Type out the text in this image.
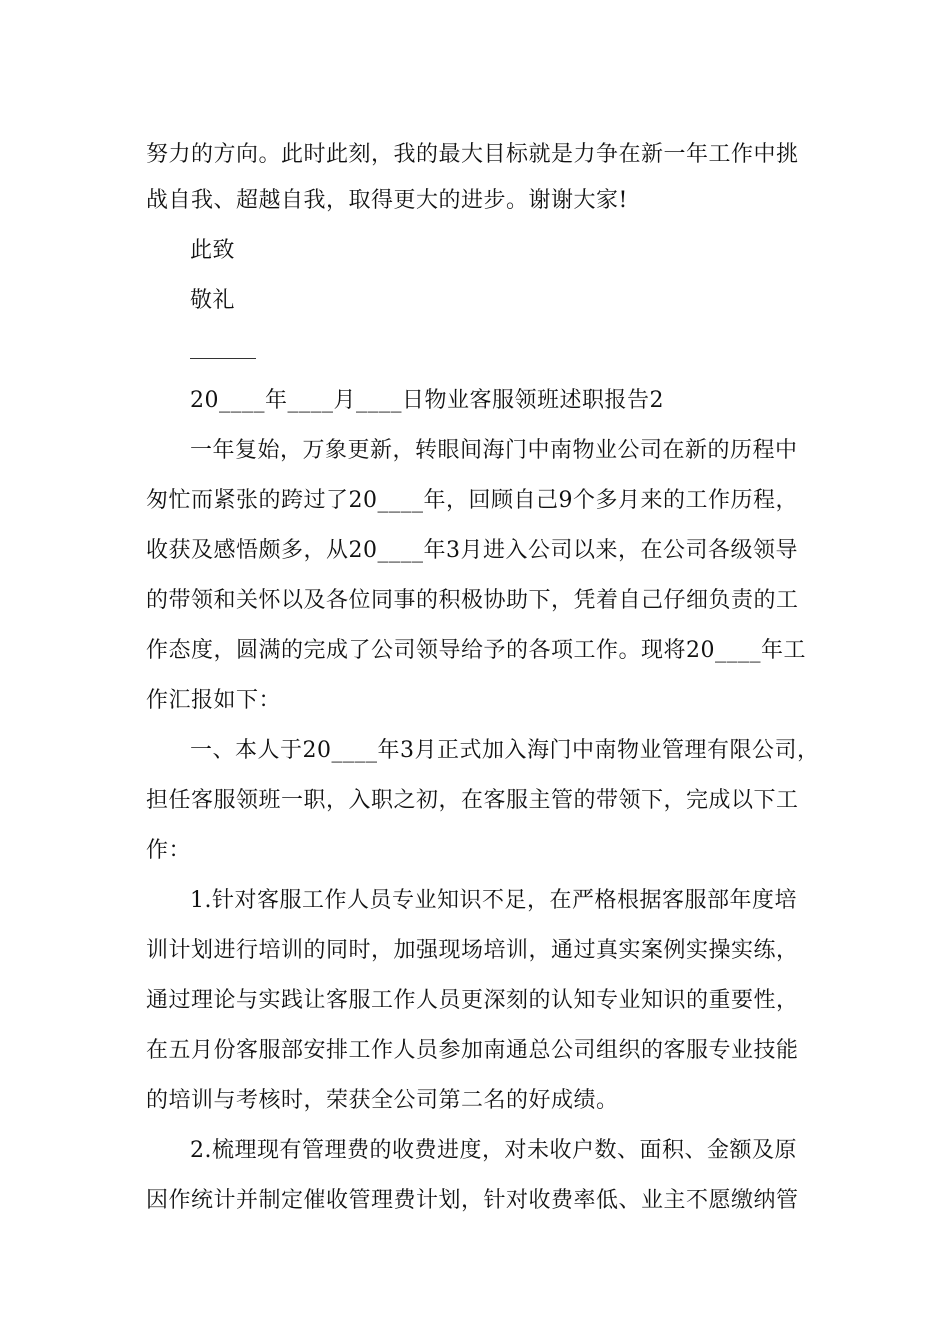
努力的方向。此时此刻，我的最大目标就是力争在新一年工作中挑
战自我、超越自我，取得更大的进步。谢谢大家!
此致
敬礼
20____年____月____日物业客服领班述职报告2
一年复始，万象更新，转眼间海门中南物业公司在新的历程中
匆忙而紧张的跨过了20____年，回顾自己9个多月来的工作历程，
收获及感悟颇多，从20____年3月进入公司以来，在公司各级领导
的带领和关怀以及各位同事的积极协助下，凭着自己仔细负责的工
作态度，圆满的完成了公司领导给予的各项工作。现将20____年工
作汇报如下：
一、本人于20____年3月正式加入海门中南物业管理有限公司，
担任客服领班一职，入职之初，在客服主管的带领下，完成以下工
作：
1.针对客服工作人员专业知识不足，在严格根据客服部年度培
训计划进行培训的同时，加强现场培训，通过真实案例实操实练，
通过理论与实践让客服工作人员更深刻的认知专业知识的重要性，
在五月份客服部安排工作人员参加南通总公司组织的客服专业技能
的培训与考核时，荣获全公司第二名的好成绩。
2.梳理现有管理费的收费进度，对未收户数、面积、金额及原
因作统计并制定催收管理费计划，针对收费率低、业主不愿缴纳管
